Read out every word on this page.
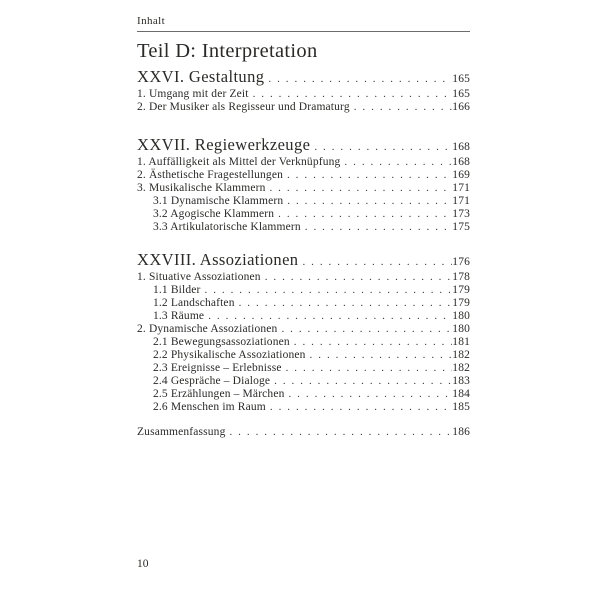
Inhalt
Teil D: Interpretation
XXVI. Gestaltung . . .	165
1. Umgang mit der Zeit . . .	165
2. Der Musiker als Regisseur und Dramaturg . . .	166
XXVII. Regiewerkzeuge . . .	168
1. Auffälligkeit als Mittel der Verknüpfung . . .	168
2. Ästhetische Fragestellungen . . .	169
3. Musikalische Klammern . . .	171
3.1 Dynamische Klammern . . .	171
3.2 Agogische Klammern . . .	173
3.3 Artikulatorische Klammern . . .	175
XXVIII. Assoziationen . . .	176
1. Situative Assoziationen . . .	178
1.1 Bilder . . .	179
1.2 Landschaften . . .	179
1.3 Räume . . .	180
2. Dynamische Assoziationen . . .	180
2.1 Bewegungsassoziationen . . .	181
2.2 Physikalische Assoziationen . . .	182
2.3 Ereignisse – Erlebnisse . . .	182
2.4 Gespräche – Dialoge . . .	183
2.5 Erzählungen – Märchen . . .	184
2.6 Menschen im Raum . . .	185
Zusammenfassung . . .	186
10
